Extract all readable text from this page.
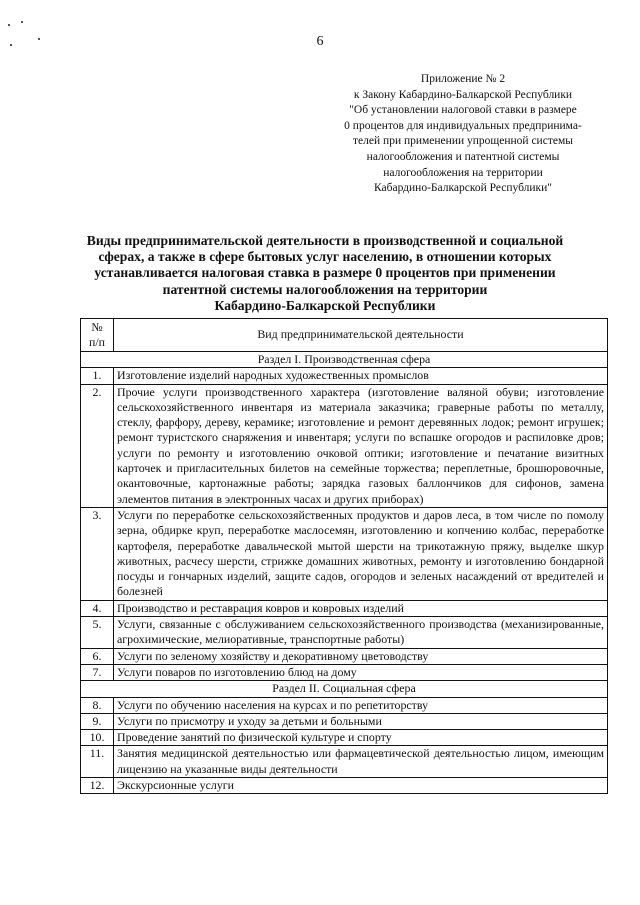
6
Приложение № 2
к Закону Кабардино-Балкарской Республики
"Об установлении налоговой ставки в размере
0 процентов для индивидуальных предпринима-
телей при применении упрощенной системы
налогообложения и патентной системы
налогообложения на территории
Кабардино-Балкарской Республики"
Виды предпринимательской деятельности в производственной и социальной
сферах, а также в сфере бытовых услуг населению, в отношении которых
устанавливается налоговая ставка в размере 0 процентов при применении
патентной системы налогообложения на территории
Кабардино-Балкарской Республики
№
п/п	Вид предпринимательской деятельности
Раздел I. Производственная сфера	
1.	Изготовление изделий народных художественных промыслов
2.	Прочие услуги производственного характера (изготовление валяной обуви; изготовление сельскохозяйственного инвентаря из материала заказчика; граверные работы по металлу, стеклу, фарфору, дереву, керамике; изготовление и ремонт деревянных лодок; ремонт игрушек; ремонт туристского снаряжения и инвентаря; услуги по вспашке огородов и распиловке дров; услуги по ремонту и изготовлению очковой оптики; изготовление и печатание визитных карточек и пригласительных билетов на семейные торжества; переплетные, брошюровочные, окантовочные, картонажные работы; зарядка газовых баллончиков для сифонов, замена элементов питания в электронных часах и других приборах)
3.	Услуги по переработке сельскохозяйственных продуктов и даров леса, в том числе по помолу зерна, обдирке круп, переработке маслосемян, изготовлению и копчению колбас, переработке картофеля, переработке давальческой мытой шерсти на трикотажную пряжу, выделке шкур животных, расчесу шерсти, стрижке домашних животных, ремонту и изготовлению бондарной посуды и гончарных изделий, защите садов, огородов и зеленых насаждений от вредителей и болезней
4.	Производство и реставрация ковров и ковровых изделий
5.	Услуги, связанные с обслуживанием сельскохозяйственного производства (механизированные, агрохимические, мелиоративные, транспортные работы)
6.	Услуги по зеленому хозяйству и декоративному цветоводству
7.	Услуги поваров по изготовлению блюд на дому
Раздел II. Социальная сфера	
8.	Услуги по обучению населения на курсах и по репетиторству
9.	Услуги по присмотру и уходу за детьми и больными
10.	Проведение занятий по физической культуре и спорту
11.	Занятия медицинской деятельностью или фармацевтической деятельностью лицом, имеющим лицензию на указанные виды деятельности
12.	Экскурсионные услуги
